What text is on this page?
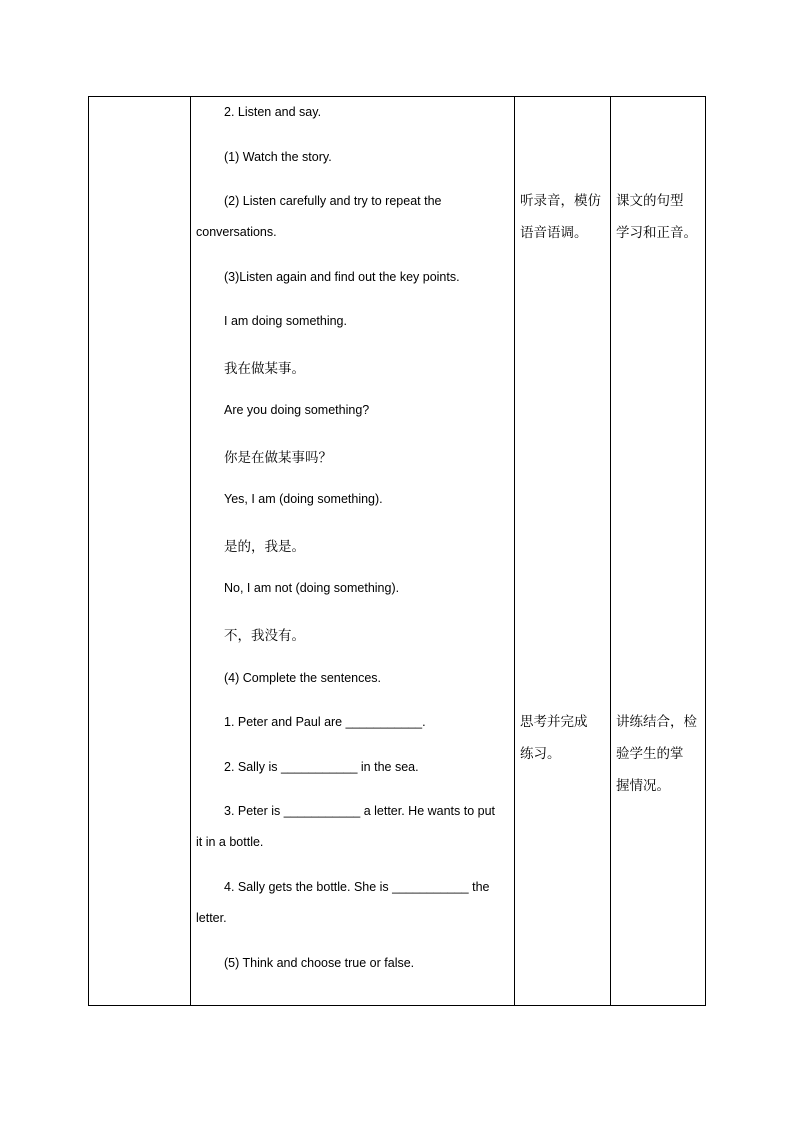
2. Listen and say.
(1) Watch the story.
(2) Listen carefully and try to repeat the
conversations.
(3)Listen again and find out the key points.
I am doing something.
我在做某事。
Are you doing something?
你是在做某事吗？
Yes, I am (doing something).
是的，我是。
No, I am not (doing something).
不，我没有。
(4) Complete the sentences.
1. Peter and Paul are ___________.
2. Sally is ___________ in the sea.
3. Peter is ___________ a letter. He wants to put
it in a bottle.
4. Sally gets the bottle. She is ___________ the
letter.
(5) Think and choose true or false.
听录音，模仿
语音语调。
思考并完成
练习。
课文的句型
学习和正音。
讲练结合，检
验学生的掌
握情况。
